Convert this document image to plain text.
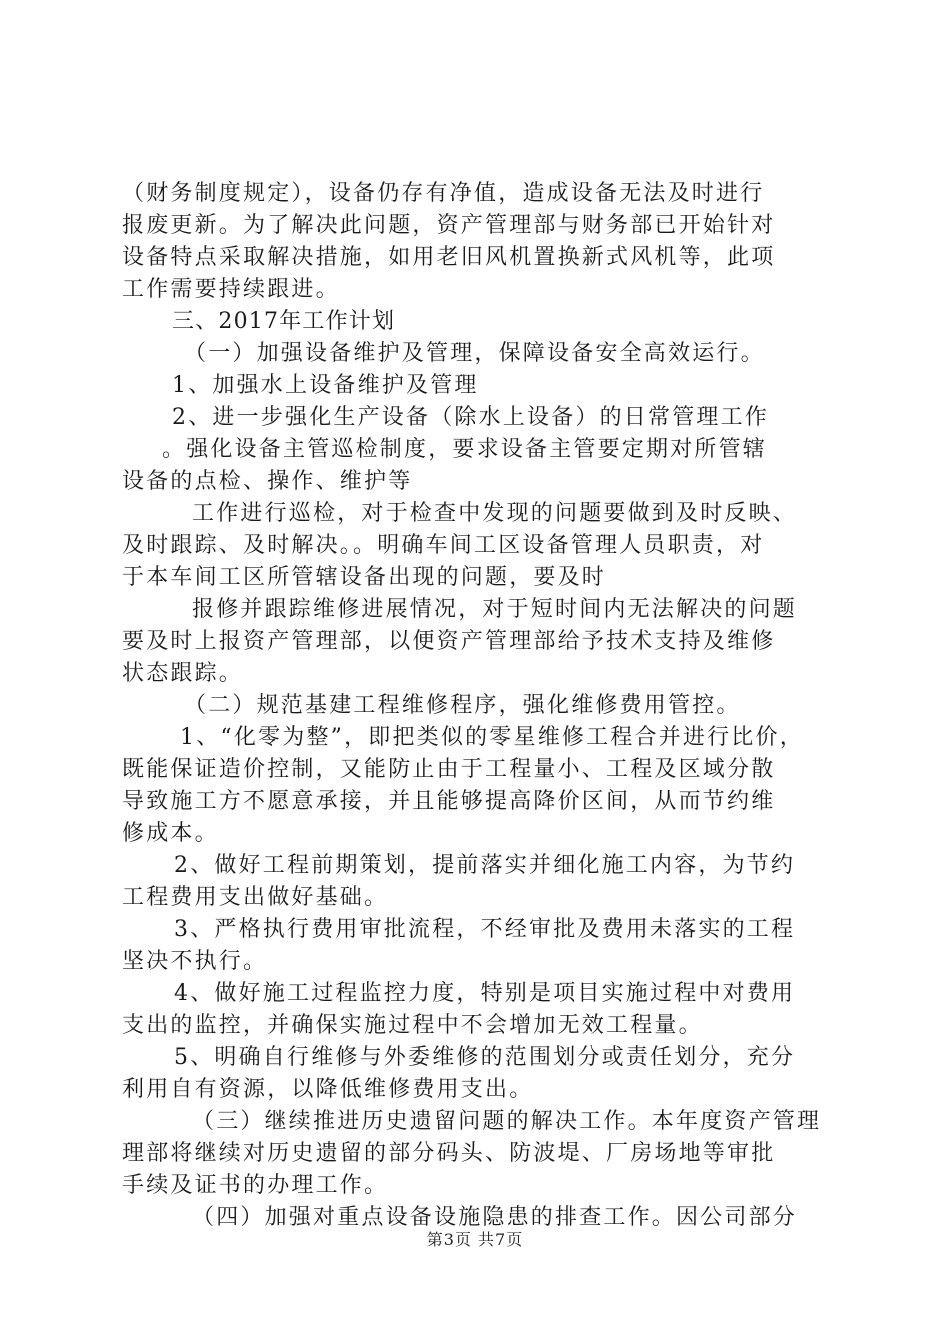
（财务制度规定），设备仍存有净值，造成设备无法及时进行
报废更新。为了解决此问题，资产管理部与财务部已开始针对
设备特点采取解决措施，如用老旧风机置换新式风机等，此项
工作需要持续跟进。
三、2017年工作计划
（一）加强设备维护及管理，保障设备安全高效运行。
1、加强水上设备维护及管理
2、进一步强化生产设备（除水上设备）的日常管理工作
。强化设备主管巡检制度，要求设备主管要定期对所管辖
设备的点检、操作、维护等
工作进行巡检，对于检查中发现的问题要做到及时反映、
及时跟踪、及时解决。。明确车间工区设备管理人员职责，对
于本车间工区所管辖设备出现的问题，要及时
报修并跟踪维修进展情况，对于短时间内无法解决的问题
要及时上报资产管理部，以便资产管理部给予技术支持及维修
状态跟踪。
（二）规范基建工程维修程序，强化维修费用管控。
1、“化零为整”，即把类似的零星维修工程合并进行比价，
既能保证造价控制，又能防止由于工程量小、工程及区域分散
导致施工方不愿意承接，并且能够提高降价区间，从而节约维
修成本。
2、做好工程前期策划，提前落实并细化施工内容，为节约
工程费用支出做好基础。
3、严格执行费用审批流程，不经审批及费用未落实的工程
坚决不执行。
4、做好施工过程监控力度，特别是项目实施过程中对费用
支出的监控，并确保实施过程中不会增加无效工程量。
5、明确自行维修与外委维修的范围划分或责任划分，充分
利用自有资源，以降低维修费用支出。
（三）继续推进历史遗留问题的解决工作。本年度资产管理
理部将继续对历史遗留的部分码头、防波堤、厂房场地等审批
手续及证书的办理工作。
（四）加强对重点设备设施隐患的排查工作。因公司部分
第3页 共7页
